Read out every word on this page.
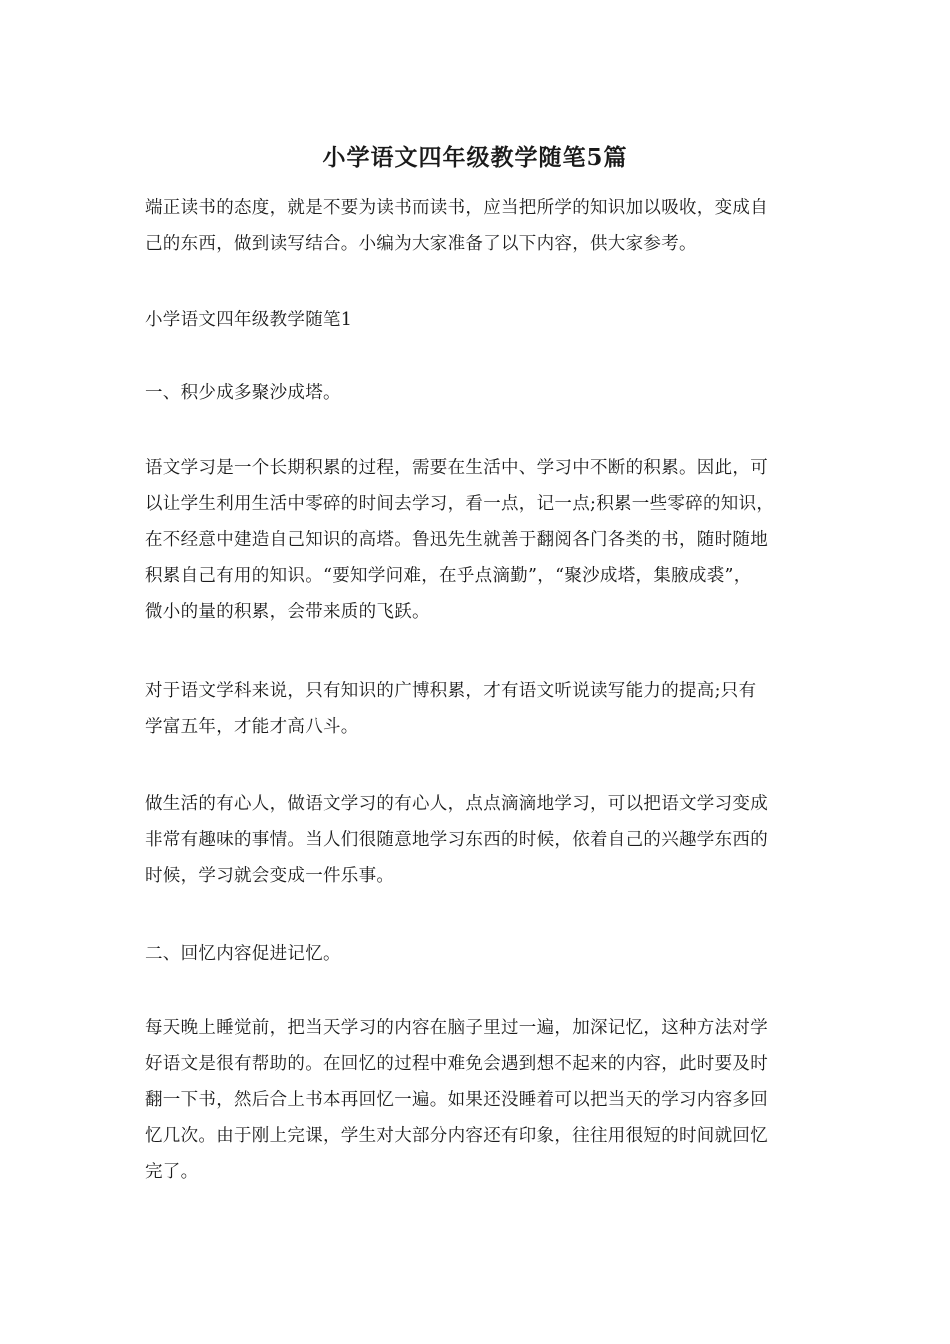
小学语文四年级教学随笔5篇
端正读书的态度，就是不要为读书而读书，应当把所学的知识加以吸收，变成自
己的东西，做到读写结合。小编为大家准备了以下内容，供大家参考。
小学语文四年级教学随笔1
一、积少成多聚沙成塔。
语文学习是一个长期积累的过程，需要在生活中、学习中不断的积累。因此，可
以让学生利用生活中零碎的时间去学习，看一点，记一点;积累一些零碎的知识，
在不经意中建造自己知识的高塔。鲁迅先生就善于翻阅各门各类的书，随时随地
积累自己有用的知识。“要知学问难，在乎点滴勤”，“聚沙成塔，集腋成裘”，
微小的量的积累，会带来质的飞跃。
对于语文学科来说，只有知识的广博积累，才有语文听说读写能力的提高;只有
学富五年，才能才高八斗。
做生活的有心人，做语文学习的有心人，点点滴滴地学习，可以把语文学习变成
非常有趣味的事情。当人们很随意地学习东西的时候，依着自己的兴趣学东西的
时候，学习就会变成一件乐事。
二、回忆内容促进记忆。
每天晚上睡觉前，把当天学习的内容在脑子里过一遍，加深记忆，这种方法对学
好语文是很有帮助的。在回忆的过程中难免会遇到想不起来的内容，此时要及时
翻一下书，然后合上书本再回忆一遍。如果还没睡着可以把当天的学习内容多回
忆几次。由于刚上完课，学生对大部分内容还有印象，往往用很短的时间就回忆
完了。
